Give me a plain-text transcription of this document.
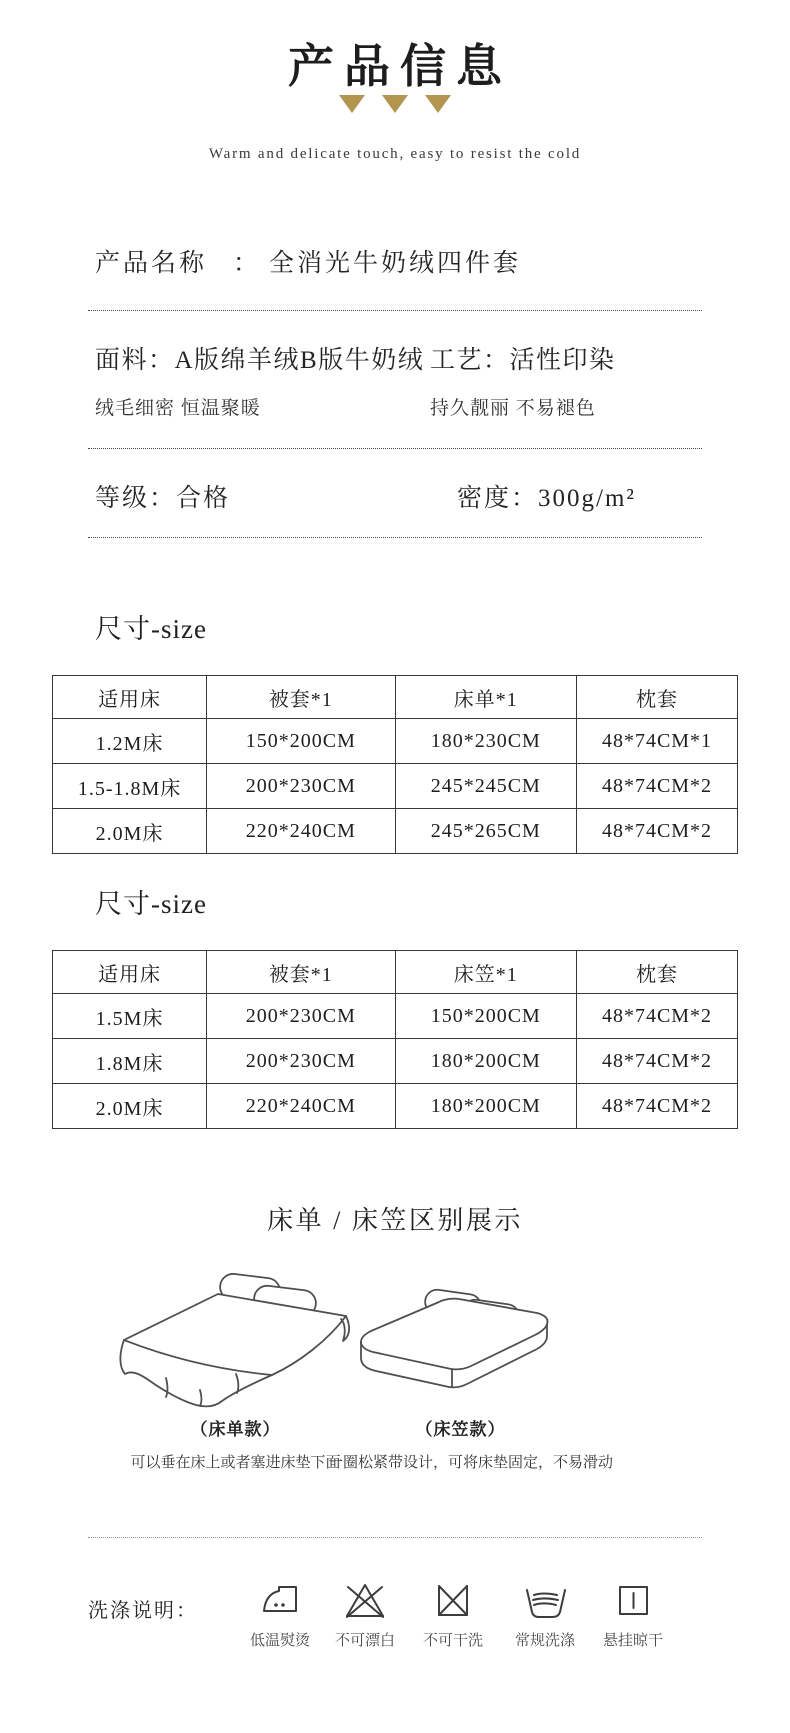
产品信息
Warm and delicate touch, easy to resist the cold
产品名称 ： 全消光牛奶绒四件套
面料：A版绵羊绒B版牛奶绒
绒毛细密 恒温聚暖
工艺：活性印染
持久靓丽 不易褪色
等级：合格	密度：300g/m²
尺寸-size
适用床	被套*1	床单*1	枕套
1.2M床	150*200CM	180*230CM	48*74CM*1
1.5-1.8M床	200*230CM	245*245CM	48*74CM*2
2.0M床	220*240CM	245*265CM	48*74CM*2
尺寸-size
适用床	被套*1	床笠*1	枕套
1.5M床	200*230CM	150*200CM	48*74CM*2
1.8M床	200*230CM	180*200CM	48*74CM*2
2.0M床	220*240CM	180*200CM	48*74CM*2
床单 / 床笠区别展示
（床单款）
可以垂在床上或者塞进床垫下面
（床笠款）
一圈松紧带设计，可将床垫固定，不易滑动
洗涤说明：
低温熨烫	不可漂白	不可干洗	常规洗涤	悬挂晾干
